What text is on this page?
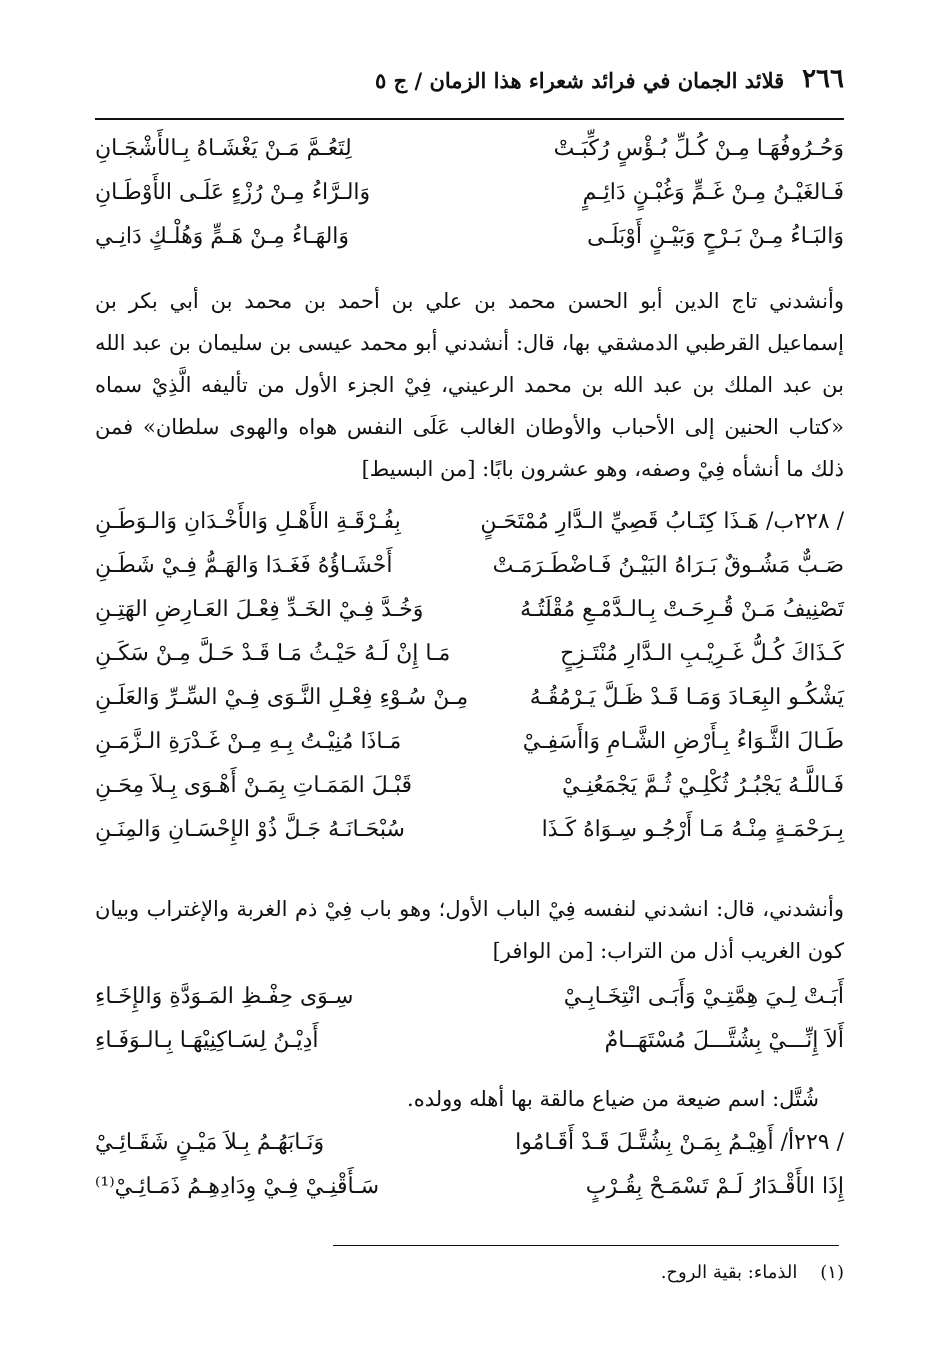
٢٦٦
قلائد الجمان في فرائد شعراء هذا الزمان / ج ٥
وَحُـرُوفُهَـا مِـنْ كُـلِّ بُـؤْسٍ رُكِّبَـتْ
لِتَعُـمَّ مَـنْ يَغْشَـاهُ بِـالأَشْجَـانِ
فَـالغَيْـنُ مِـنْ غَـمٍّ وَغُبْـنٍ دَائِـمٍ
وَالـرَّاءُ مِـنْ رُزْءٍ عَلَـى الأَوْطَـانِ
وَالبَـاءُ مِـنْ بَـرْحٍ وَبَيْـنٍ أَوْبَلَـى
وَالهَـاءُ مِـنْ هَـمٍّ وَهُلْـكٍ دَانِـي

وأنشدني تاج الدين أبو الحسن محمد بن علي بن أحمد بن محمد بن أبي بكر بن إسماعيل القرطبي الدمشقي بها، قال: أنشدني أبو محمد عيسى بن سليمان بن عبد الله بن عبد الملك بن عبد الله بن محمد الرعيني، فِيْ الجزء الأول من تأليفه الَّذِيْ سماه «كتاب الحنين إلى الأحباب والأوطان الغالب عَلَى النفس هواه والهوى سلطان» فمن ذلك ما أنشأه فِيْ وصفه، وهو عشرون بابًا: [من البسيط]

/ ٢٢٨ب/ هَـذَا كِتَـابُ قَصِيِّ الـدَّارِ مُمْتَحَـنٍ
بِفُـرْقَـةِ الأَهْـلِ وَالأَخْـدَانِ وَالـوَطَـنِ
صَـبٌّ مَشُـوقٌ بَـرَاهُ البَيْـنُ فَـاضْطَـرَمَـتْ
أَحْشَـاؤُهُ فَغَـدَا وَالهَـمُّ فِـيْ شَطَـنِ
تَصْنِيفُ مَـنْ قُـرِحَـتْ بِـالـدَّمْـعِ مُقْلَتُـهُ
وَخُـدَّ فِـيْ الخَـدِّ فِعْـلَ العَـارِضِ الهَتِـنِ
كَـذَاكَ كُـلُّ غَـرِيْـبِ الـدَّارِ مُنْتَـزِحٍ
مَـا إِنْ لَـهُ حَيْـثُ مَـا قَـدْ حَـلَّ مِـنْ سَكَـنِ
يَشْكُـو البِعَـادَ وَمَـا قَـدْ ظَـلَّ يَـرْمُقُـهُ
مِـنْ سُـوْءِ فِعْـلِ النَّـوَى فِـيْ السِّـرِّ وَالعَلَـنِ
طَـالَ الثَّـوَاءُ بِـأَرْضِ الشَّـامِ وَاأَسَفِـيْ
مَـاذَا مُنِيْـتُ بِـهِ مِـنْ غَـدْرَةِ الـزَّمَـنِ
فَـاللَّـهُ يَجْبُـرُ ثُكْلِـيْ ثُـمَّ يَجْمَعُنِـيْ
قَبْـلَ المَمَـاتِ بِمَـنْ أَهْـوَى بِـلاَ مِحَـنِ
بِـرَحْمَـةٍ مِنْـهُ مَـا أَرْجُـو سِـوَاهُ كَـذَا
سُبْحَـانَـهُ جَـلَّ ذُوْ الإِحْسَـانِ وَالمِنَـنِ

وأنشدني، قال: انشدني لنفسه فِيْ الباب الأول؛ وهو باب فِيْ ذم الغربة والإغتراب وبيان كون الغريب أذل من التراب: [من الوافر]

أَبَـتْ لِـيَ هِمَّتِـيْ وَأَبَـى انْتِخَـابِـيْ
سِـوَى حِفْـظِ المَـوَدَّةِ وَالإِخَـاءِ
أَلاَ إِنِّـــيْ بِشُتَّـــلَ مُسْتَهَــامٌ
أَدِيْـنُ لِسَـاكِنِيْهَـا بِـالـوَفَـاءِ
شُتَّل: اسم ضيعة من ضياع مالقة بها أهله وولده.
/ ٢٢٩أ/ أَهِيْـمُ بِمَـنْ بِشُتَّـلَ قَـدْ أَقَـامُوا
وَنَـابَهُـمُ بِـلاَ مَيْـنٍ شَقَـائِـيْ
إِذَا الأَقْـدَارُ لَـمْ تَسْمَـحْ بِقُـرْبٍ
سَـأَقْنِـيْ فِـيْ وِدَادِهِـمُ ذَمَـائِـيْ⁽¹⁾
(١)    الذماء: بقية الروح.
